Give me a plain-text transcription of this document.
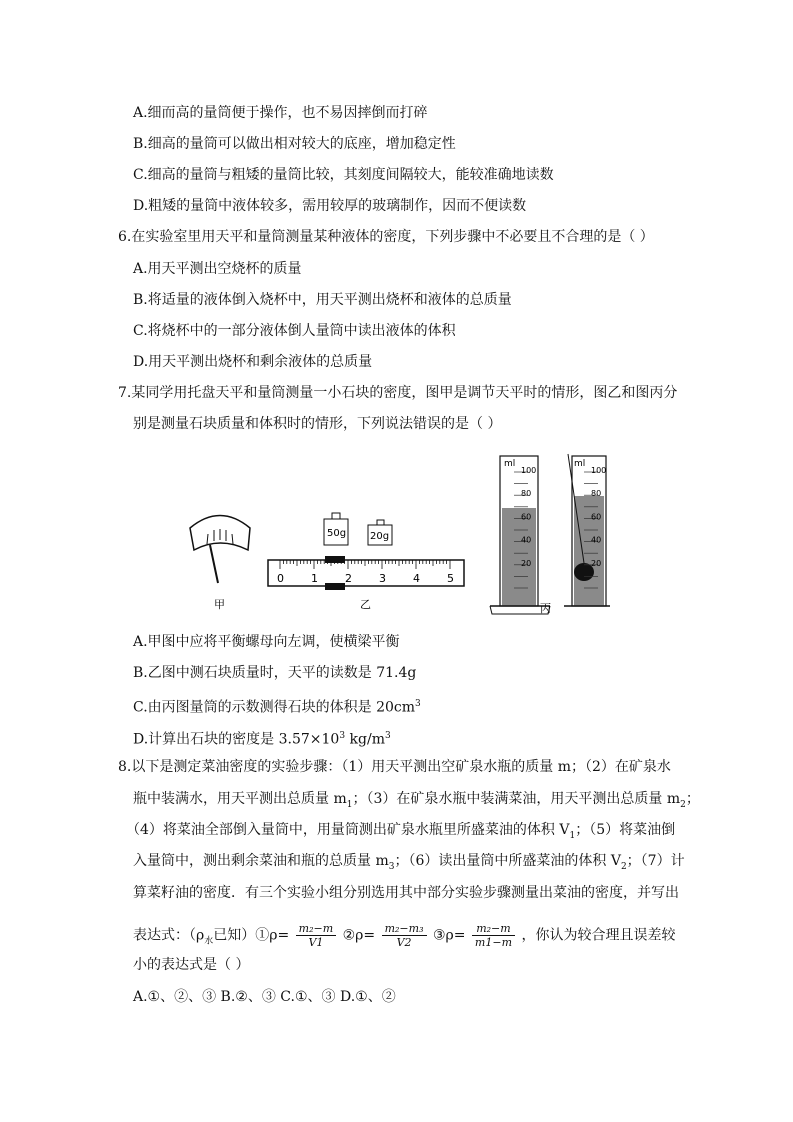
A.细而高的量筒便于操作，也不易因摔倒而打碎
B.细高的量筒可以做出相对较大的底座，增加稳定性
C.细高的量筒与粗矮的量筒比较，其刻度间隔较大，能较准确地读数
D.粗矮的量筒中液体较多，需用较厚的玻璃制作，因而不便读数
6.在实验室里用天平和量筒测量某种液体的密度，下列步骤中不必要且不合理的是（ ）
A.用天平测出空烧杯的质量
B.将适量的液体倒入烧杯中，用天平测出烧杯和液体的总质量
C.将烧杯中的一部分液体倒人量筒中读出液体的体积
D.用天平测出烧杯和剩余液体的总质量
7.某同学用托盘天平和量筒测量一小石块的密度，图甲是调节天平时的情形，图乙和图丙分
别是测量石块质量和体积时的情形，下列说法错误的是（ ）
0 1 2 3 4 5
100
80
60
40
20
100
80
60
40
20
甲	乙	丙
50g 20g
ml	ml
A.甲图中应将平衡螺母向左调，使横梁平衡
B.乙图中测石块质量时，天平的读数是 71.4g
C.由丙图量筒的示数测得石块的体积是 $20cm^3$
D.计算出石块的密度是 $3.57\times 10^3$ $kg/m^3$
8.以下是测定菜油密度的实验步骤：（1）用天平测出空矿泉水瓶的质量 m；（2）在矿泉水
瓶中装满水，用天平测出总质量 $m_1$；（3）在矿泉水瓶中装满菜油，用天平测出总质量 $m_2$；
（4）将菜油全部倒入量筒中，用量筒测出矿泉水瓶里所盛菜油的体积 $V_1$；（5）将菜油倒
入量筒中，测出剩余菜油和瓶的总质量 $m_3$；（6）读出量筒中所盛菜油的体积 $V_2$；（7）计
算菜籽油的密度．有三个实验小组分别选用其中部分实验步骤测量出菜油的密度，并写出
表达式：（$\rho_水$已知）①ρ= $\frac{\text{m₂−m}}{V1}$ ②ρ= $\frac{\text{m₂−m₃}}{V2}$ ③ρ= $\frac{\text{m₂−m}}{m1-m}$ ，你认为较合理且误差较
小的表达式是（ ）
A.①、②、③ B.②、③ C.①、③ D.①、②
